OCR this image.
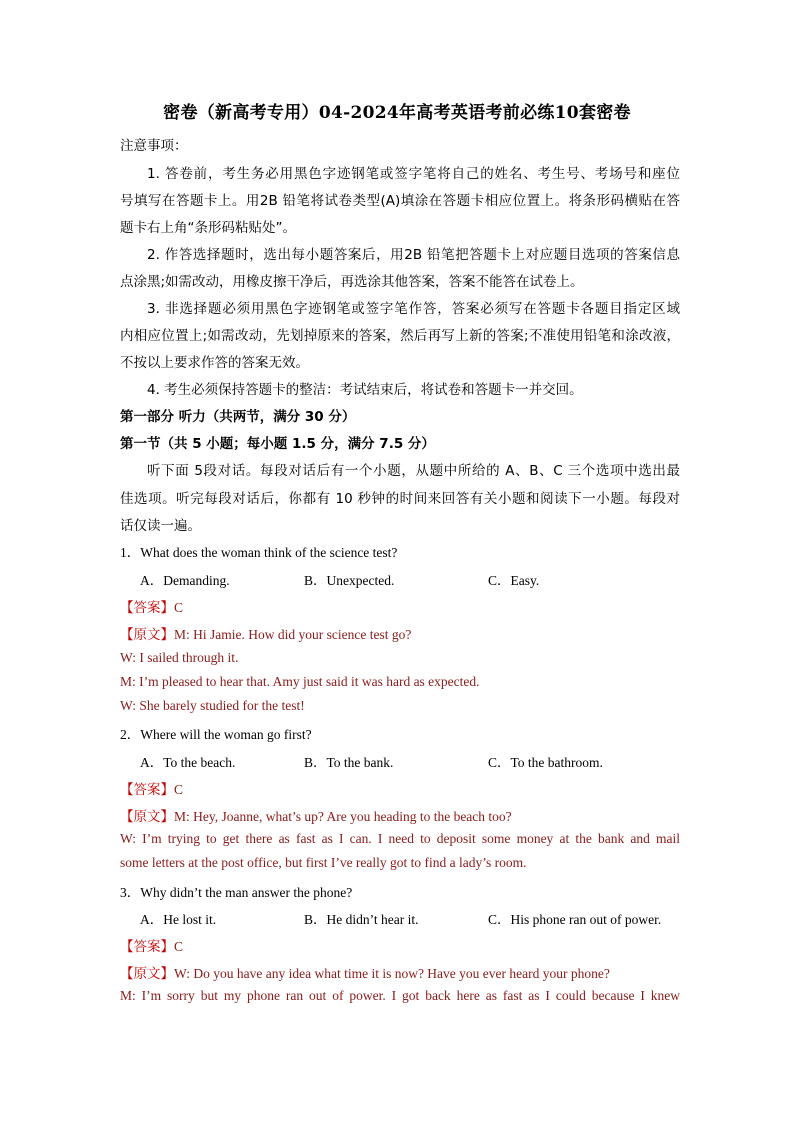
密卷（新高考专用）04-2024年高考英语考前必练10套密卷
注意事项：
1. 答卷前，考生务必用黑色字迹钢笔或签字笔将自己的姓名、考生号、考场号和座位
号填写在答题卡上。用2B 铅笔将试卷类型(A)填涂在答题卡相应位置上。将条形码横贴在答
题卡右上角“条形码粘贴处”。
2. 作答选择题时，选出每小题答案后，用2B 铅笔把答题卡上对应题目选项的答案信息
点涂黑;如需改动，用橡皮擦干净后，再选涂其他答案，答案不能答在试卷上。
3. 非选择题必须用黑色字迹钢笔或签字笔作答，答案必须写在答题卡各题目指定区域
内相应位置上;如需改动，先划掉原来的答案，然后再写上新的答案;不准使用铅笔和涂改液，
不按以上要求作答的答案无效。
4. 考生必须保持答题卡的整洁：考试结束后，将试卷和答题卡一并交回。
第一部分 听力（共两节，满分 30 分）
第一节（共 5 小题；每小题 1.5 分，满分 7.5 分）
听下面 5段对话。每段对话后有一个小题，从题中所给的 A、B、C 三个选项中选出最
佳选项。听完每段对话后，你都有 10 秒钟的时间来回答有关小题和阅读下一小题。每段对
话仅读一遍。
1．What does the woman think of the science test?
A．Demanding.	B．Unexpected.	C．Easy.
【答案】C
【原文】M: Hi Jamie. How did your science test go?
W: I sailed through it.
M: I’m pleased to hear that. Amy just said it was hard as expected.
W: She barely studied for the test!
2．Where will the woman go first?
A．To the beach.	B．To the bank.	C．To the bathroom.
【答案】C
【原文】M: Hey, Joanne, what’s up? Are you heading to the beach too?
W: I’m trying to get there as fast as I can. I need to deposit some money at the bank and mail
some letters at the post office, but first I’ve really got to find a lady’s room.
3．Why didn’t the man answer the phone?
A．He lost it.	B．He didn’t hear it.	C．His phone ran out of power.
【答案】C
【原文】W: Do you have any idea what time it is now? Have you ever heard your phone?
M: I’m sorry but my phone ran out of power. I got back here as fast as I could because I knew
